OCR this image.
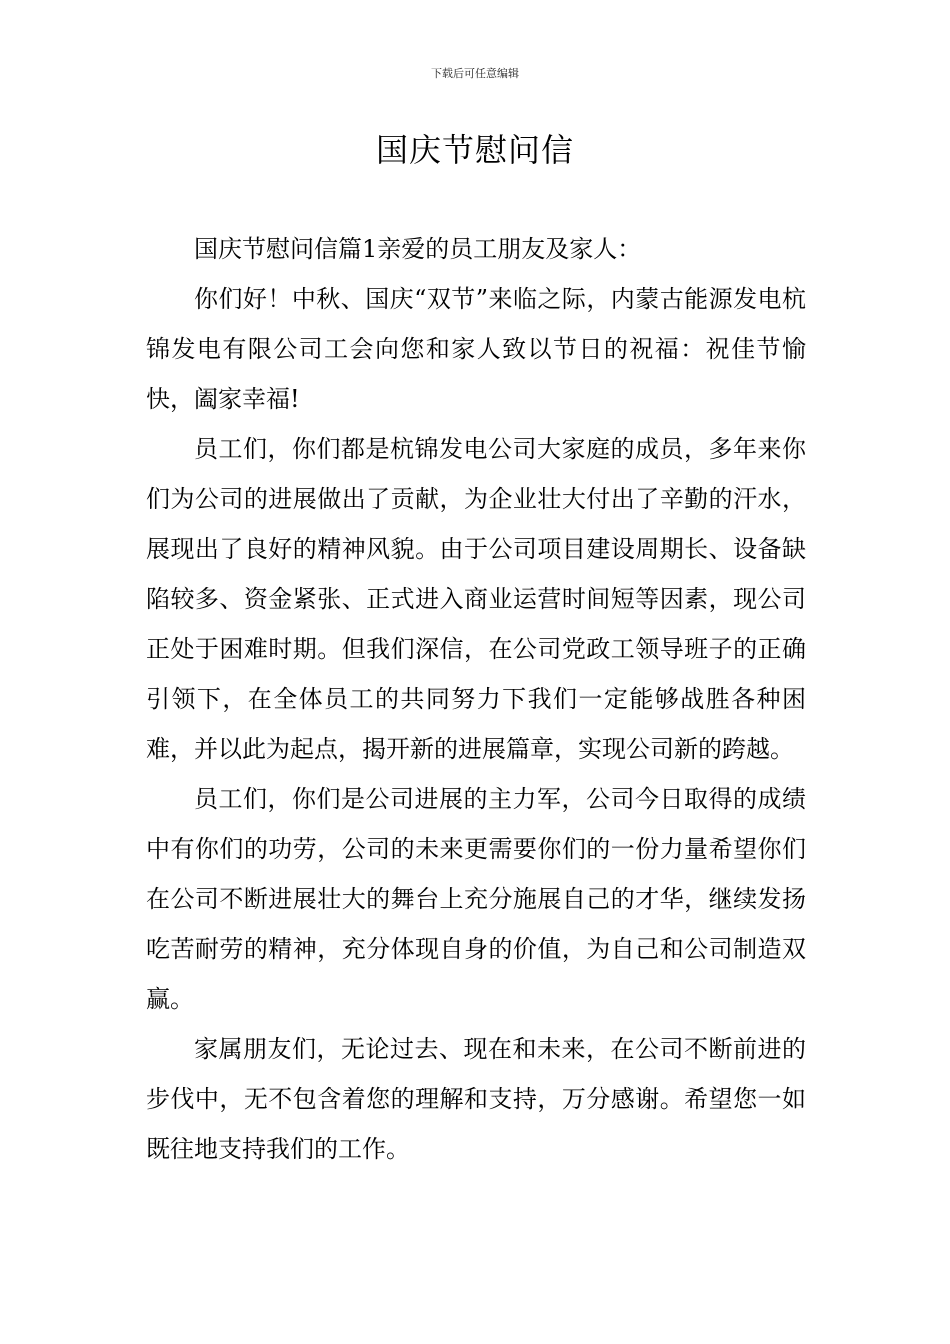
下载后可任意编辑
国庆节慰问信

国庆节慰问信篇1亲爱的员工朋友及家人：

你们好！中秋、国庆“双节”来临之际，内蒙古能源发电杭锦发电有限公司工会向您和家人致以节日的祝福：祝佳节愉快，阖家幸福!

员工们，你们都是杭锦发电公司大家庭的成员，多年来你们为公司的进展做出了贡献，为企业壮大付出了辛勤的汗水，展现出了良好的精神风貌。由于公司项目建设周期长、设备缺陷较多、资金紧张、正式进入商业运营时间短等因素，现公司正处于困难时期。但我们深信，在公司党政工领导班子的正确引领下，在全体员工的共同努力下我们一定能够战胜各种困难，并以此为起点，揭开新的进展篇章，实现公司新的跨越。

员工们，你们是公司进展的主力军，公司今日取得的成绩中有你们的功劳，公司的未来更需要你们的一份力量希望你们在公司不断进展壮大的舞台上充分施展自己的才华，继续发扬吃苦耐劳的精神，充分体现自身的价值，为自己和公司制造双赢。

家属朋友们，无论过去、现在和未来，在公司不断前进的步伐中，无不包含着您的理解和支持，万分感谢。希望您一如既往地支持我们的工作。
